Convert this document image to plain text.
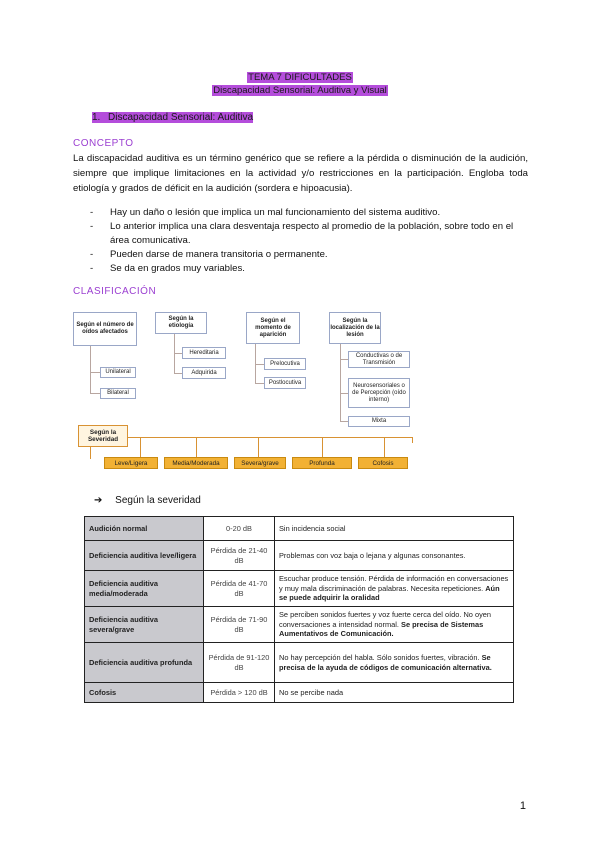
TEMA 7 DIFICULTADES
Discapacidad Sensorial: Auditiva y Visual
1. Discapacidad Sensorial: Auditiva
CONCEPTO
La discapacidad auditiva es un término genérico que se refiere a la pérdida o disminución de la audición, siempre que implique limitaciones en la actividad y/o restricciones en la participación. Engloba toda etiología y grados de déficit en la audición (sordera e hipoacusia).
- Hay un daño o lesión que implica un mal funcionamiento del sistema auditivo.
- Lo anterior implica una clara desventaja respecto al promedio de la población, sobre todo en el área comunicativa.
- Pueden darse de manera transitoria o permanente.
- Se da en grados muy variables.
CLASIFICACIÓN
Según el número de oídos afectados
Según la etiología
Según el momento de aparición
Según la localización de la lesión
Unilateral
Bilateral
Hereditaria
Adquirida
Prelocutiva
Postlocutiva
Conductivas o de Transmisión
Neurosensoriales o de Percepción (oído interno)
Mixta
Según la Severidad
Leve/Ligera	Media/Moderada	Severa/grave	Profunda	Cofosis
➔ Según la severidad
Audición normal	0-20 dB	Sin incidencia social
Deficiencia auditiva leve/ligera	Pérdida de 21-40 dB	Problemas con voz baja o lejana y algunas consonantes.
Deficiencia auditiva media/moderada	Pérdida de 41-70 dB	Escuchar produce tensión. Pérdida de información en conversaciones y muy mala discriminación de palabras. Necesita repeticiones. Aún se puede adquirir la oralidad
Deficiencia auditiva severa/grave	Pérdida de 71-90 dB	Se perciben sonidos fuertes y voz fuerte cerca del oído. No oyen conversaciones a intensidad normal. Se precisa de Sistemas Aumentativos de Comunicación.
Deficiencia auditiva profunda	Pérdida de 91-120 dB	No hay percepción del habla. Sólo sonidos fuertes, vibración. Se precisa de la ayuda de códigos de comunicación alternativa.
Cofosis	Pérdida > 120 dB	No se percibe nada
1
